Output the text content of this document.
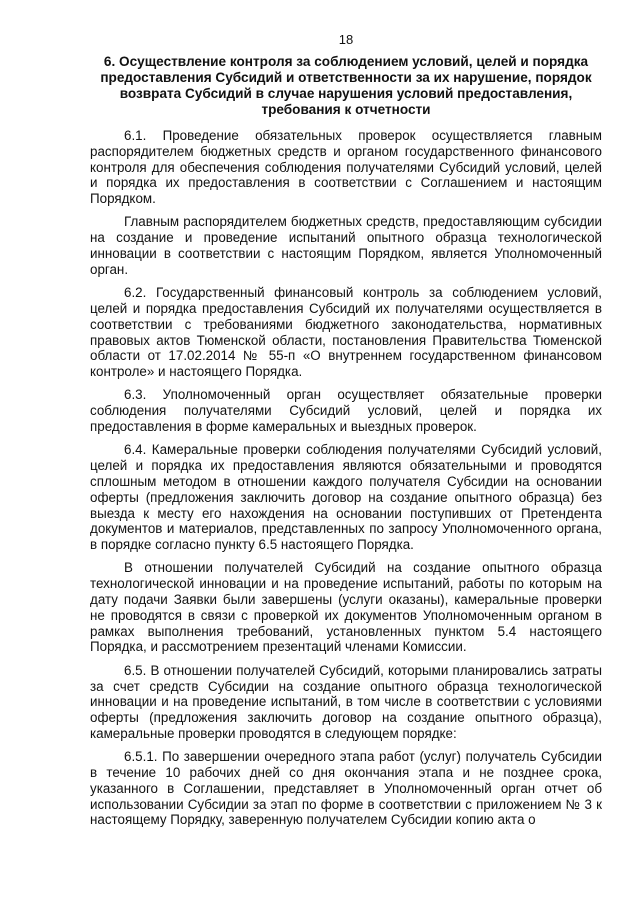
18
6. Осуществление контроля за соблюдением условий, целей и порядка предоставления Субсидий и ответственности за их нарушение, порядок возврата Субсидий в случае нарушения условий предоставления, требования к отчетности

6.1. Проведение обязательных проверок осуществляется главным распорядителем бюджетных средств и органом государственного финансового контроля для обеспечения соблюдения получателями Субсидий условий, целей и порядка их предоставления в соответствии с Соглашением и настоящим Порядком.

Главным распорядителем бюджетных средств, предоставляющим субсидии на создание и проведение испытаний опытного образца технологической инновации в соответствии с настоящим Порядком, является Уполномоченный орган.

6.2. Государственный финансовый контроль за соблюдением условий, целей и порядка предоставления Субсидий их получателями осуществляется в соответствии с требованиями бюджетного законодательства, нормативных правовых актов Тюменской области, постановления Правительства Тюменской области от 17.02.2014 № 55-п «О внутреннем государственном финансовом контроле» и настоящего Порядка.

6.3. Уполномоченный орган осуществляет обязательные проверки соблюдения получателями Субсидий условий, целей и порядка их предоставления в форме камеральных и выездных проверок.

6.4. Камеральные проверки соблюдения получателями Субсидий условий, целей и порядка их предоставления являются обязательными и проводятся сплошным методом в отношении каждого получателя Субсидии на основании оферты (предложения заключить договор на создание опытного образца) без выезда к месту его нахождения на основании поступивших от Претендента документов и материалов, представленных по запросу Уполномоченного органа, в порядке согласно пункту 6.5 настоящего Порядка.

В отношении получателей Субсидий на создание опытного образца технологической инновации и на проведение испытаний, работы по которым на дату подачи Заявки были завершены (услуги оказаны), камеральные проверки не проводятся в связи с проверкой их документов Уполномоченным органом в рамках выполнения требований, установленных пунктом 5.4 настоящего Порядка, и рассмотрением презентаций членами Комиссии.

6.5. В отношении получателей Субсидий, которыми планировались затраты за счет средств Субсидии на создание опытного образца технологической инновации и на проведение испытаний, в том числе в соответствии с условиями оферты (предложения заключить договор на создание опытного образца), камеральные проверки проводятся в следующем порядке:

6.5.1. По завершении очередного этапа работ (услуг) получатель Субсидии в течение 10 рабочих дней со дня окончания этапа и не позднее срока, указанного в Соглашении, представляет в Уполномоченный орган отчет об использовании Субсидии за этап по форме в соответствии с приложением № 3 к настоящему Порядку, заверенную получателем Субсидии копию акта о
